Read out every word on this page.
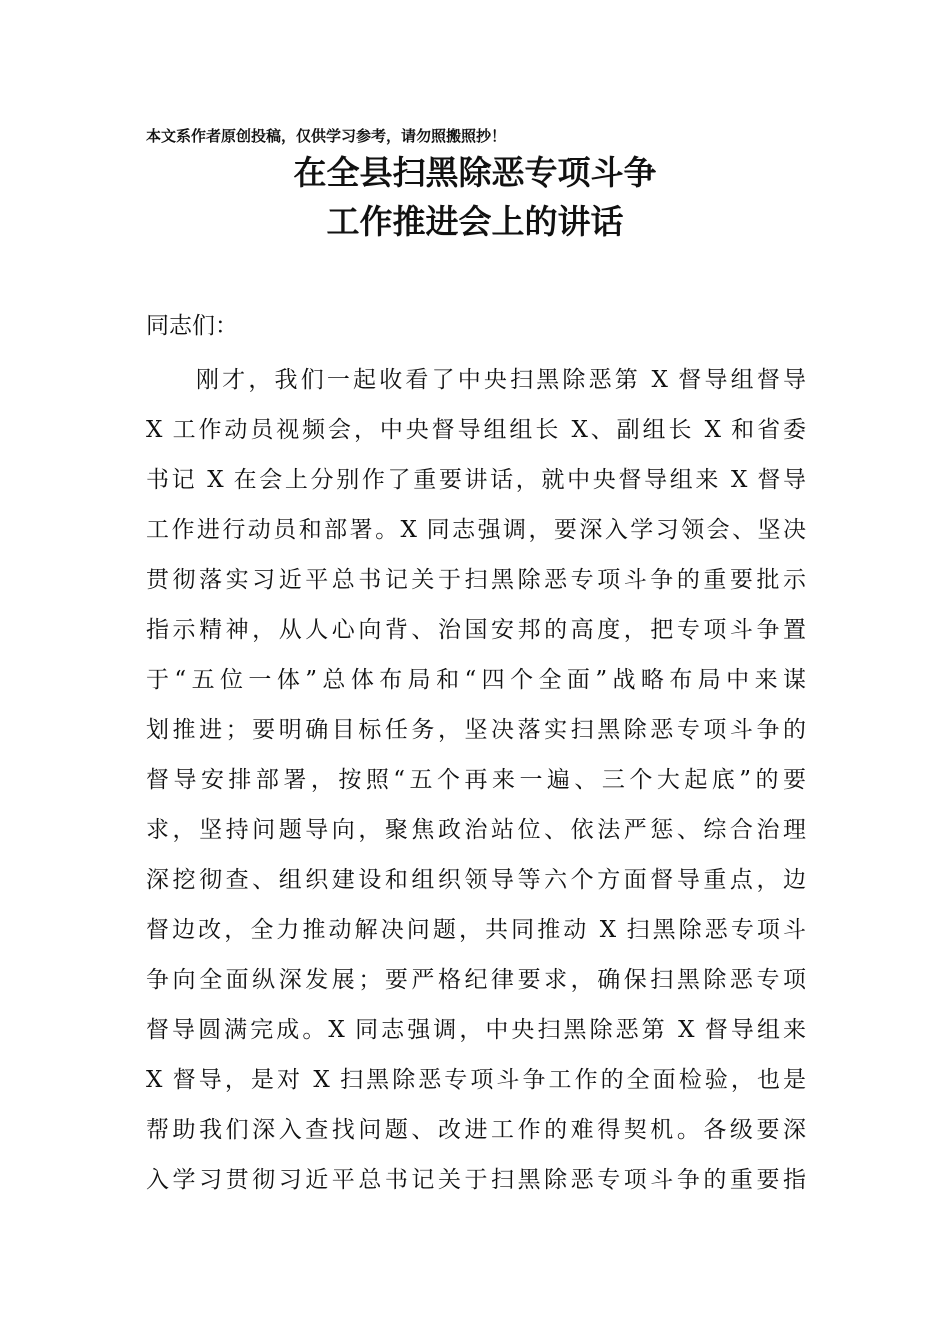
本文系作者原创投稿，仅供学习参考，请勿照搬照抄！
在全县扫黑除恶专项斗争
工作推进会上的讲话
同志们：
刚才，我们一起收看了中央扫黑除恶第 X 督导组督导
X 工作动员视频会，中央督导组组长 X、副组长 X 和省委
书记 X 在会上分别作了重要讲话，就中央督导组来 X 督导
工作进行动员和部署。X 同志强调，要深入学习领会、坚决
贯彻落实习近平总书记关于扫黑除恶专项斗争的重要批示
指示精神，从人心向背、治国安邦的高度，把专项斗争置
于“五位一体”总体布局和“四个全面”战略布局中来谋
划推进；要明确目标任务，坚决落实扫黑除恶专项斗争的
督导安排部署，按照“五个再来一遍、三个大起底”的要
求，坚持问题导向，聚焦政治站位、依法严惩、综合治理
深挖彻查、组织建设和组织领导等六个方面督导重点，边
督边改，全力推动解决问题，共同推动 X 扫黑除恶专项斗
争向全面纵深发展；要严格纪律要求，确保扫黑除恶专项
督导圆满完成。X 同志强调，中央扫黑除恶第 X 督导组来
X 督导，是对 X 扫黑除恶专项斗争工作的全面检验，也是
帮助我们深入查找问题、改进工作的难得契机。各级要深
入学习贯彻习近平总书记关于扫黑除恶专项斗争的重要指
